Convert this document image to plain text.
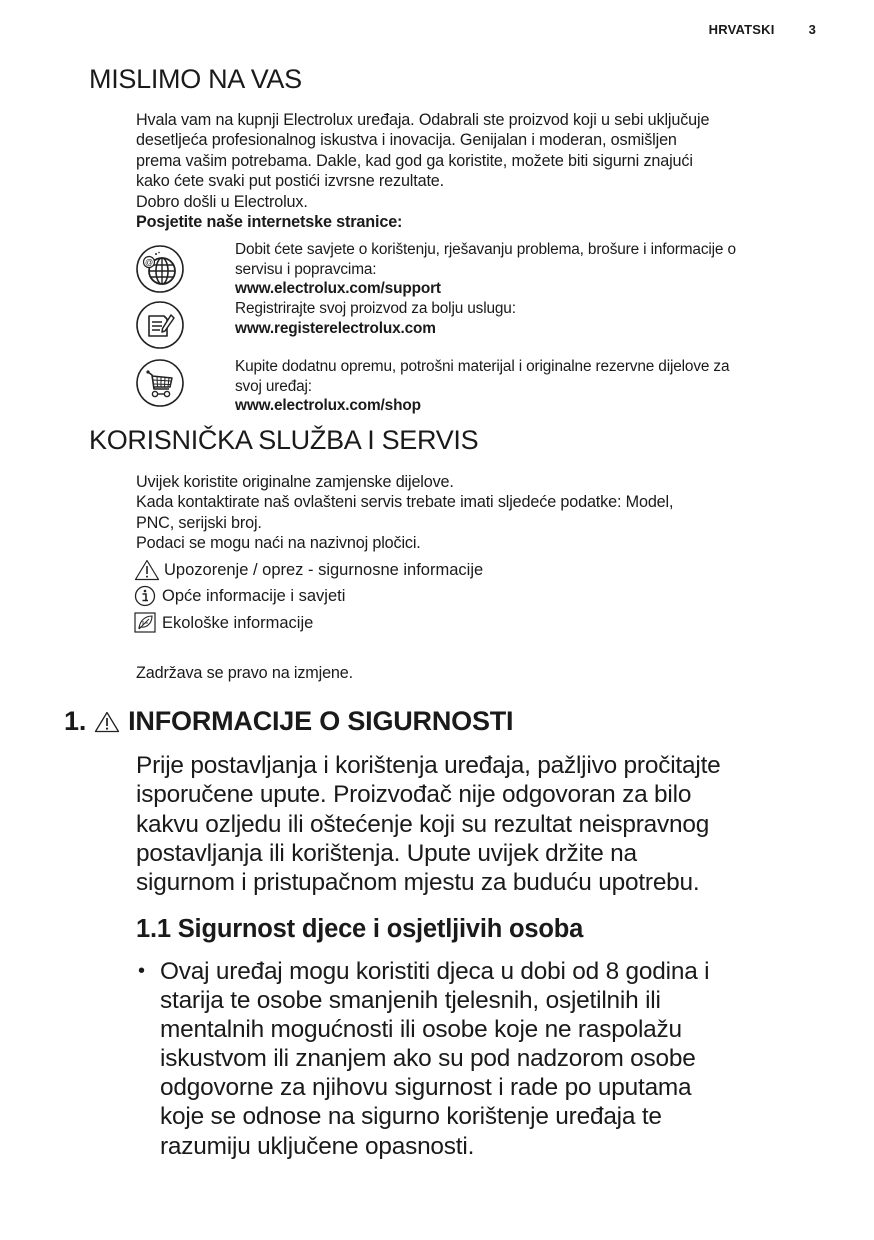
HRVATSKI	3
MISLIMO NA VAS
Hvala vam na kupnji Electrolux uređaja. Odabrali ste proizvod koji u sebi uključuje
desetljeća profesionalnog iskustva i inovacija. Genijalan i moderan, osmišljen
prema vašim potrebama. Dakle, kad god ga koristite, možete biti sigurni znajući
kako ćete svaki put postići izvrsne rezultate.
Dobro došli u Electrolux.
Posjetite naše internetske stranice:
@
Dobit ćete savjete o korištenju, rješavanju problema, brošure i informacije o
servisu i popravcima:
www.electrolux.com/support
Registrirajte svoj proizvod za bolju uslugu:
www.registerelectrolux.com
Kupite dodatnu opremu, potrošni materijal i originalne rezervne dijelove za
svoj uređaj:
www.electrolux.com/shop
KORISNIČKA SLUŽBA I SERVIS
Uvijek koristite originalne zamjenske dijelove.
Kada kontaktirate naš ovlašteni servis trebate imati sljedeće podatke: Model,
PNC, serijski broj.
Podaci se mogu naći na nazivnoj pločici.
Upozorenje / oprez - sigurnosne informacije
Opće informacije i savjeti
Ekološke informacije
Zadržava se pravo na izmjene.
1. INFORMACIJE O SIGURNOSTI
Prije postavljanja i korištenja uređaja, pažljivo pročitajte
isporučene upute. Proizvođač nije odgovoran za bilo
kakvu ozljedu ili oštećenje koji su rezultat neispravnog
postavljanja ili korištenja. Upute uvijek držite na
sigurnom i pristupačnom mjestu za buduću upotrebu.
1.1 Sigurnost djece i osjetljivih osoba
• Ovaj uređaj mogu koristiti djeca u dobi od 8 godina i
starija te osobe smanjenih tjelesnih, osjetilnih ili
mentalnih mogućnosti ili osobe koje ne raspolažu
iskustvom ili znanjem ako su pod nadzorom osobe
odgovorne za njihovu sigurnost i rade po uputama
koje se odnose na sigurno korištenje uređaja te
razumiju uključene opasnosti.
